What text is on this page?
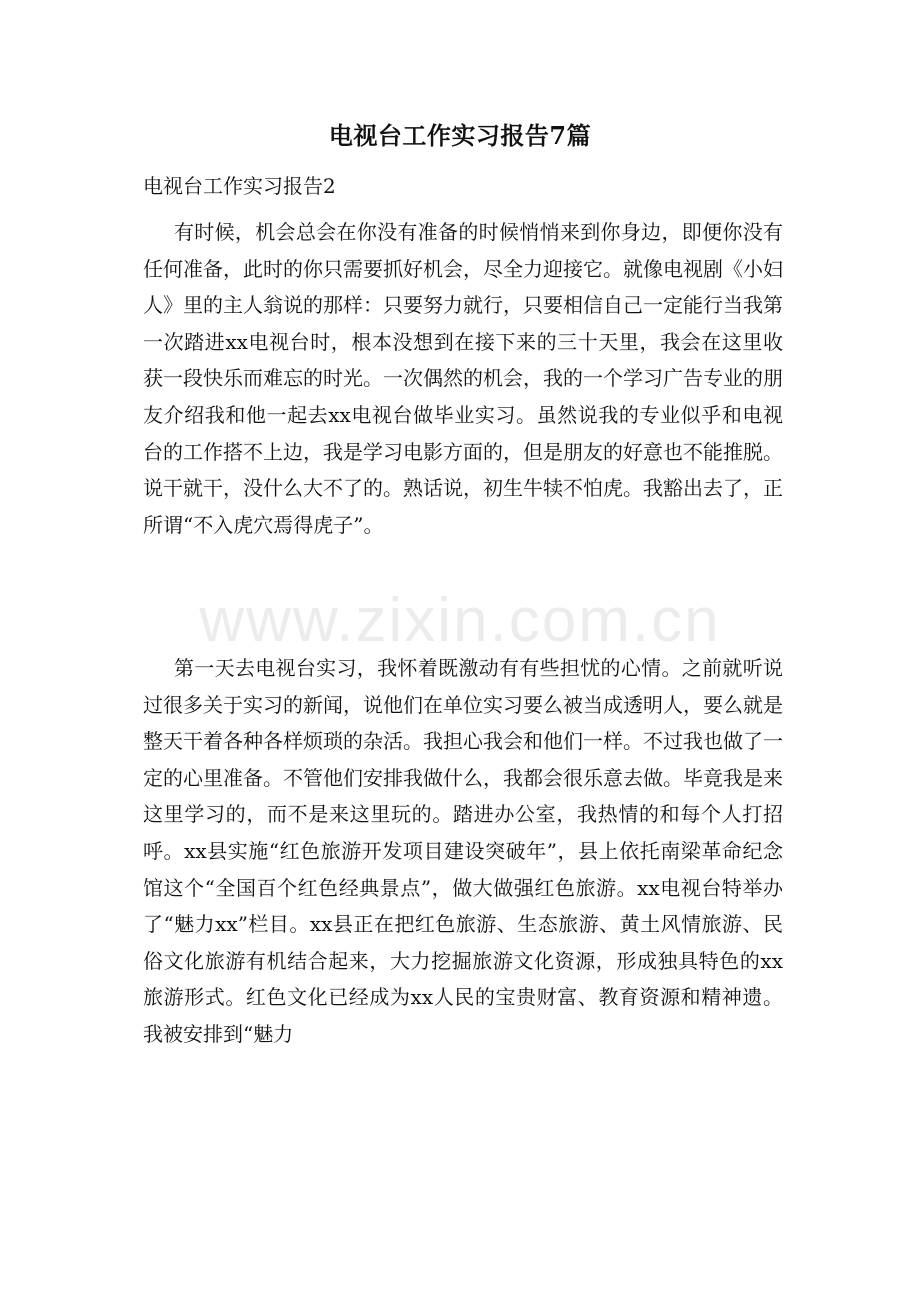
电视台工作实习报告7篇
电视台工作实习报告2

有时候，机会总会在你没有准备的时候悄悄来到你身边，即便你没有任何准备，此时的你只需要抓好机会，尽全力迎接它。就像电视剧《小妇人》里的主人翁说的那样：只要努力就行，只要相信自己一定能行当我第一次踏进xx电视台时，根本没想到在接下来的三十天里，我会在这里收获一段快乐而难忘的时光。一次偶然的机会，我的一个学习广告专业的朋友介绍我和他一起去xx电视台做毕业实习。虽然说我的专业似乎和电视台的工作搭不上边，我是学习电影方面的，但是朋友的好意也不能推脱。说干就干，没什么大不了的。熟话说，初生牛犊不怕虎。我豁出去了，正所谓“不入虎穴焉得虎子”。

第一天去电视台实习，我怀着既激动有有些担忧的心情。之前就听说过很多关于实习的新闻，说他们在单位实习要么被当成透明人，要么就是整天干着各种各样烦琐的杂活。我担心我会和他们一样。不过我也做了一定的心里准备。不管他们安排我做什么，我都会很乐意去做。毕竟我是来这里学习的，而不是来这里玩的。踏进办公室，我热情的和每个人打招呼。xx县实施“红色旅游开发项目建设突破年”，县上依托南梁革命纪念馆这个“全国百个红色经典景点”，做大做强红色旅游。xx电视台特举办了“魅力xx”栏目。xx县正在把红色旅游、生态旅游、黄土风情旅游、民俗文化旅游有机结合起来，大力挖掘旅游文化资源，形成独具特色的xx旅游形式。红色文化已经成为xx人民的宝贵财富、教育资源和精神遗。我被安排到“魅力

www.zixin.com.cn
